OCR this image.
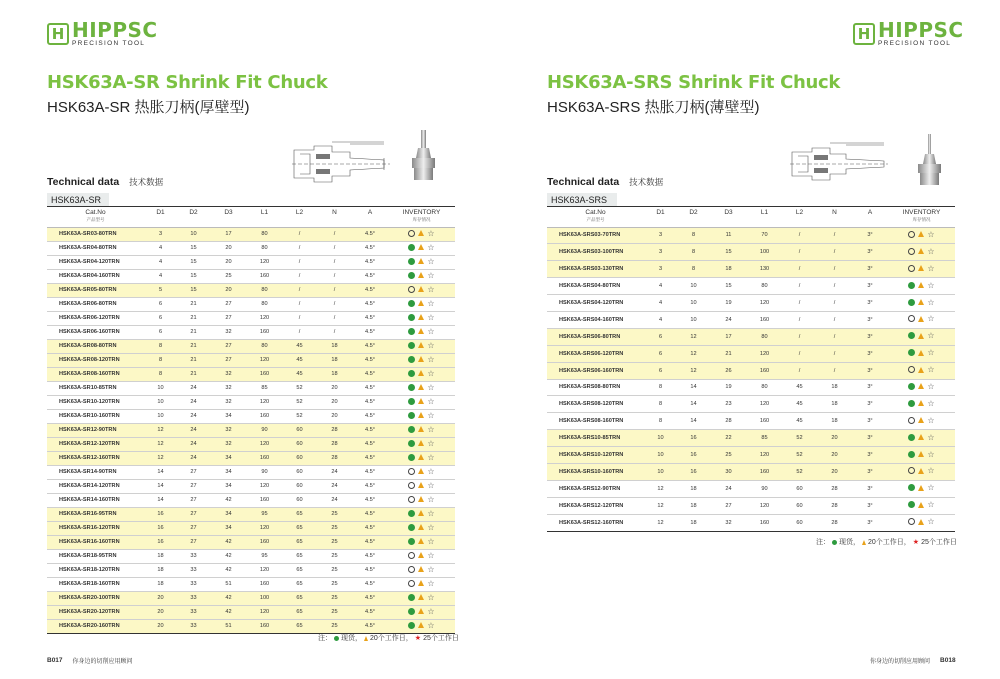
H HIPPSC
PRECISION TOOL
HSK63A-SR Shrink Fit Chuck
HSK63A-SR 热胀刀柄(厚壁型)
Technical data 技术数据
HSK63A-SR
Cat.No
产品型号	D1	D2	D3	L1	L2	N	A	INVENTORY
库存情况

HSK63A-SR03-80TRN	3	10	17	80	/	/	4.5°	☆

HSK63A-SR04-80TRN	4	15	20	80	/	/	4.5°	☆

HSK63A-SR04-120TRN	4	15	20	120	/	/	4.5°	☆

HSK63A-SR04-160TRN	4	15	25	160	/	/	4.5°	☆

HSK63A-SR05-80TRN	5	15	20	80	/	/	4.5°	☆

HSK63A-SR06-80TRN	6	21	27	80	/	/	4.5°	☆

HSK63A-SR06-120TRN	6	21	27	120	/	/	4.5°	☆

HSK63A-SR06-160TRN	6	21	32	160	/	/	4.5°	☆

HSK63A-SR08-80TRN	8	21	27	80	45	18	4.5°	☆

HSK63A-SR08-120TRN	8	21	27	120	45	18	4.5°	☆

HSK63A-SR08-160TRN	8	21	32	160	45	18	4.5°	☆

HSK63A-SR10-85TRN	10	24	32	85	52	20	4.5°	☆

HSK63A-SR10-120TRN	10	24	32	120	52	20	4.5°	☆

HSK63A-SR10-160TRN	10	24	34	160	52	20	4.5°	☆

HSK63A-SR12-90TRN	12	24	32	90	60	28	4.5°	☆

HSK63A-SR12-120TRN	12	24	32	120	60	28	4.5°	☆

HSK63A-SR12-160TRN	12	24	34	160	60	28	4.5°	☆

HSK63A-SR14-90TRN	14	27	34	90	60	24	4.5°	☆

HSK63A-SR14-120TRN	14	27	34	120	60	24	4.5°	☆

HSK63A-SR14-160TRN	14	27	42	160	60	24	4.5°	☆

HSK63A-SR16-95TRN	16	27	34	95	65	25	4.5°	☆

HSK63A-SR16-120TRN	16	27	34	120	65	25	4.5°	☆

HSK63A-SR16-160TRN	16	27	42	160	65	25	4.5°	☆

HSK63A-SR18-95TRN	18	33	42	95	65	25	4.5°	☆

HSK63A-SR18-120TRN	18	33	42	120	65	25	4.5°	☆

HSK63A-SR18-160TRN	18	33	51	160	65	25	4.5°	☆

HSK63A-SR20-100TRN	20	33	42	100	65	25	4.5°	☆

HSK63A-SR20-120TRN	20	33	42	120	65	25	4.5°	☆

HSK63A-SR20-160TRN	20	33	51	160	65	25	4.5°	☆
注： 现货， 20个工作日， ★ 25个工作日
B017 你身边的切削应用顾问
H HIPPSC
PRECISION TOOL
HSK63A-SRS Shrink Fit Chuck
HSK63A-SRS 热胀刀柄(薄壁型)
Technical data 技术数据
HSK63A-SRS
Cat.No
产品型号	D1	D2	D3	L1	L2	N	A	INVENTORY
库存情况

HSK63A-SRS03-70TRN	3	8	11	70	/	/	3°	☆

HSK63A-SRS03-100TRN	3	8	15	100	/	/	3°	☆

HSK63A-SRS03-130TRN	3	8	18	130	/	/	3°	☆

HSK63A-SRS04-80TRN	4	10	15	80	/	/	3°	☆

HSK63A-SRS04-120TRN	4	10	19	120	/	/	3°	☆

HSK63A-SRS04-160TRN	4	10	24	160	/	/	3°	☆

HSK63A-SRS06-80TRN	6	12	17	80	/	/	3°	☆

HSK63A-SRS06-120TRN	6	12	21	120	/	/	3°	☆

HSK63A-SRS06-160TRN	6	12	26	160	/	/	3°	☆

HSK63A-SRS08-80TRN	8	14	19	80	45	18	3°	☆

HSK63A-SRS08-120TRN	8	14	23	120	45	18	3°	☆

HSK63A-SRS08-160TRN	8	14	28	160	45	18	3°	☆

HSK63A-SRS10-85TRN	10	16	22	85	52	20	3°	☆

HSK63A-SRS10-120TRN	10	16	25	120	52	20	3°	☆

HSK63A-SRS10-160TRN	10	16	30	160	52	20	3°	☆

HSK63A-SRS12-90TRN	12	18	24	90	60	28	3°	☆

HSK63A-SRS12-120TRN	12	18	27	120	60	28	3°	☆

HSK63A-SRS12-160TRN	12	18	32	160	60	28	3°	☆
注： 现货， 20个工作日， ★ 25个工作日
你身边的切削应用顾问 B018
